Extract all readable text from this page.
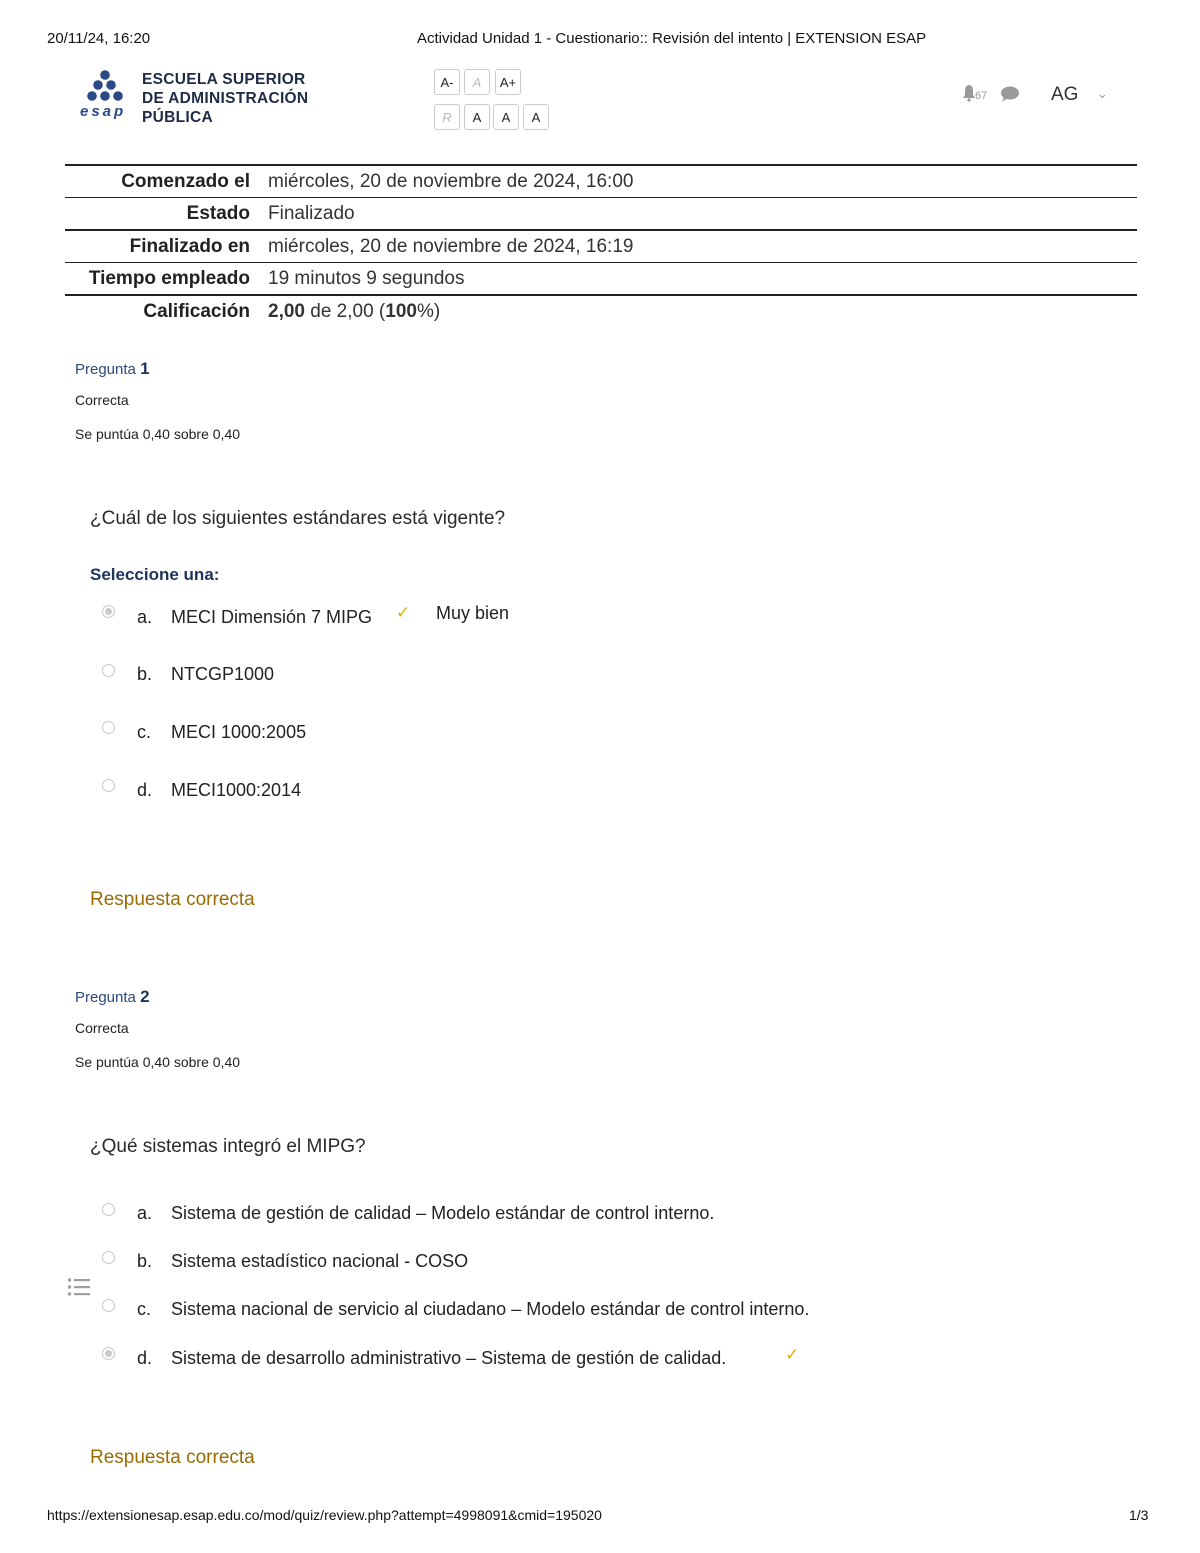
20/11/24, 16:20	Actividad Unidad 1 - Cuestionario:: Revisión del intento | EXTENSION ESAP
esap
ESCUELA SUPERIOR
DE ADMINISTRACIÓN
PÚBLICA
A-	A	A+
R	A	A	A
67	AG ⌄
Comenzado el	miércoles, 20 de noviembre de 2024, 16:00
Estado	Finalizado
Finalizado en	miércoles, 20 de noviembre de 2024, 16:19
Tiempo empleado	19 minutos 9 segundos
Calificación	2,00 de 2,00 (100%)
Pregunta 1
Correcta
Se puntúa 0,40 sobre 0,40
¿Cuál de los siguientes estándares está vigente?
Seleccione una:
a. MECI Dimensión 7 MIPG ✓ Muy bien
b. NTCGP1000
c. MECI 1000:2005
d. MECI1000:2014
Respuesta correcta
Pregunta 2
Correcta
Se puntúa 0,40 sobre 0,40
¿Qué sistemas integró el MIPG?
a. Sistema de gestión de calidad – Modelo estándar de control interno.
b. Sistema estadístico nacional - COSO
c. Sistema nacional de servicio al ciudadano – Modelo estándar de control interno.
d. Sistema de desarrollo administrativo – Sistema de gestión de calidad.	✓
Respuesta correcta
https://extensionesap.esap.edu.co/mod/quiz/review.php?attempt=4998091&cmid=195020	1/3
